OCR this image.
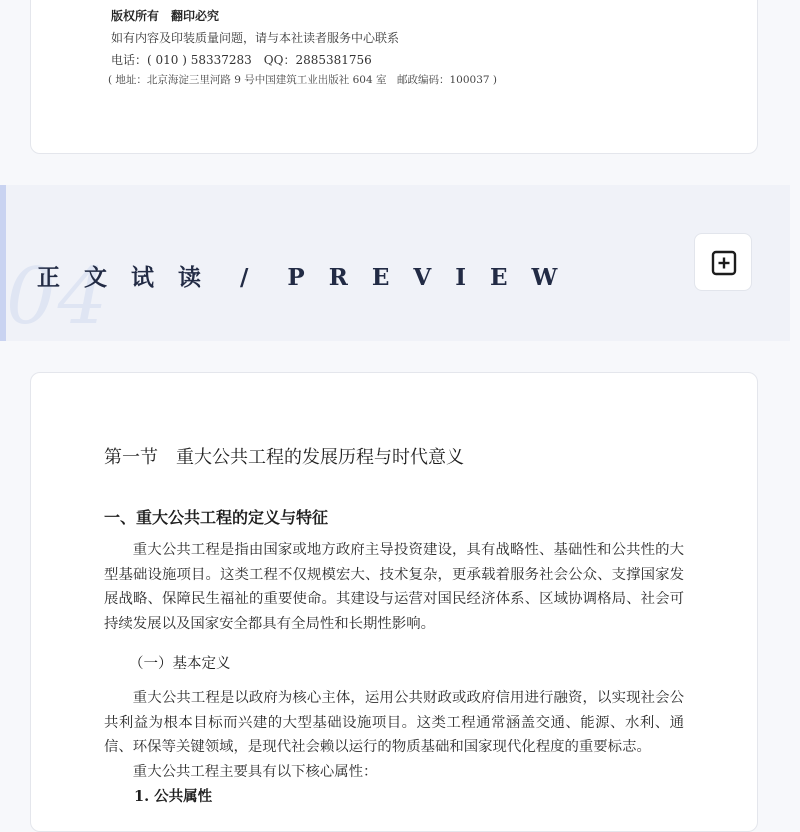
版权所有　翻印必究
如有内容及印装质量问题，请与本社读者服务中心联系
电话：( 010 ) 58337283　QQ：2885381756
( 地址：北京海淀三里河路 9 号中国建筑工业出版社 604 室　邮政编码：100037 )
04
正 文 试 读　/　P R E V I E W
第一节　重大公共工程的发展历程与时代意义
一、重大公共工程的定义与特征
重大公共工程是指由国家或地方政府主导投资建设，具有战略性、基础性和公共性的大型基础设施项目。这类工程不仅规模宏大、技术复杂，更承载着服务社会公众、支撑国家发展战略、保障民生福祉的重要使命。其建设与运营对国民经济体系、区域协调格局、社会可持续发展以及国家安全都具有全局性和长期性影响。
（一）基本定义
重大公共工程是以政府为核心主体，运用公共财政或政府信用进行融资，以实现社会公共利益为根本目标而兴建的大型基础设施项目。这类工程通常涵盖交通、能源、水利、通信、环保等关键领域，是现代社会赖以运行的物质基础和国家现代化程度的重要标志。
重大公共工程主要具有以下核心属性：
1. 公共属性
